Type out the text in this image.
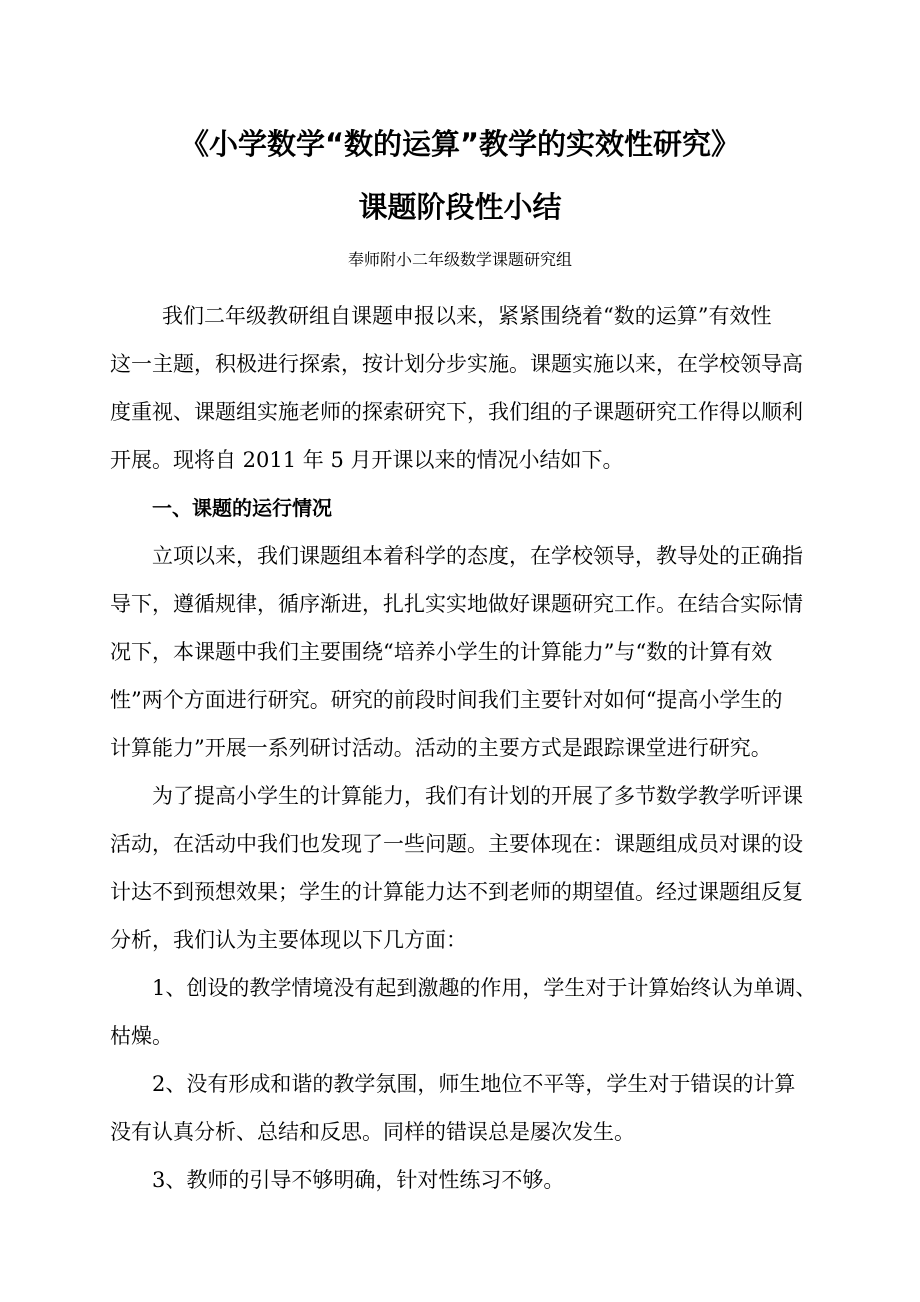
《小学数学“数的运算”教学的实效性研究》
课题阶段性小结
奉师附小二年级数学课题研究组
我们二年级教研组自课题申报以来，紧紧围绕着“数的运算”有效性
这一主题，积极进行探索，按计划分步实施。课题实施以来，在学校领导高
度重视、课题组实施老师的探索研究下，我们组的子课题研究工作得以顺利
开展。现将自 2011 年 5 月开课以来的情况小结如下。
一、课题的运行情况
立项以来，我们课题组本着科学的态度，在学校领导，教导处的正确指
导下，遵循规律，循序渐进，扎扎实实地做好课题研究工作。在结合实际情
况下，本课题中我们主要围绕“培养小学生的计算能力”与“数的计算有效
性”两个方面进行研究。研究的前段时间我们主要针对如何“提高小学生的
计算能力”开展一系列研讨活动。活动的主要方式是跟踪课堂进行研究。
为了提高小学生的计算能力，我们有计划的开展了多节数学教学听评课
活动，在活动中我们也发现了一些问题。主要体现在：课题组成员对课的设
计达不到预想效果；学生的计算能力达不到老师的期望值。经过课题组反复
分析，我们认为主要体现以下几方面：
1、创设的教学情境没有起到激趣的作用，学生对于计算始终认为单调、
枯燥。
2、没有形成和谐的教学氛围，师生地位不平等，学生对于错误的计算
没有认真分析、总结和反思。同样的错误总是屡次发生。
3、教师的引导不够明确，针对性练习不够。
